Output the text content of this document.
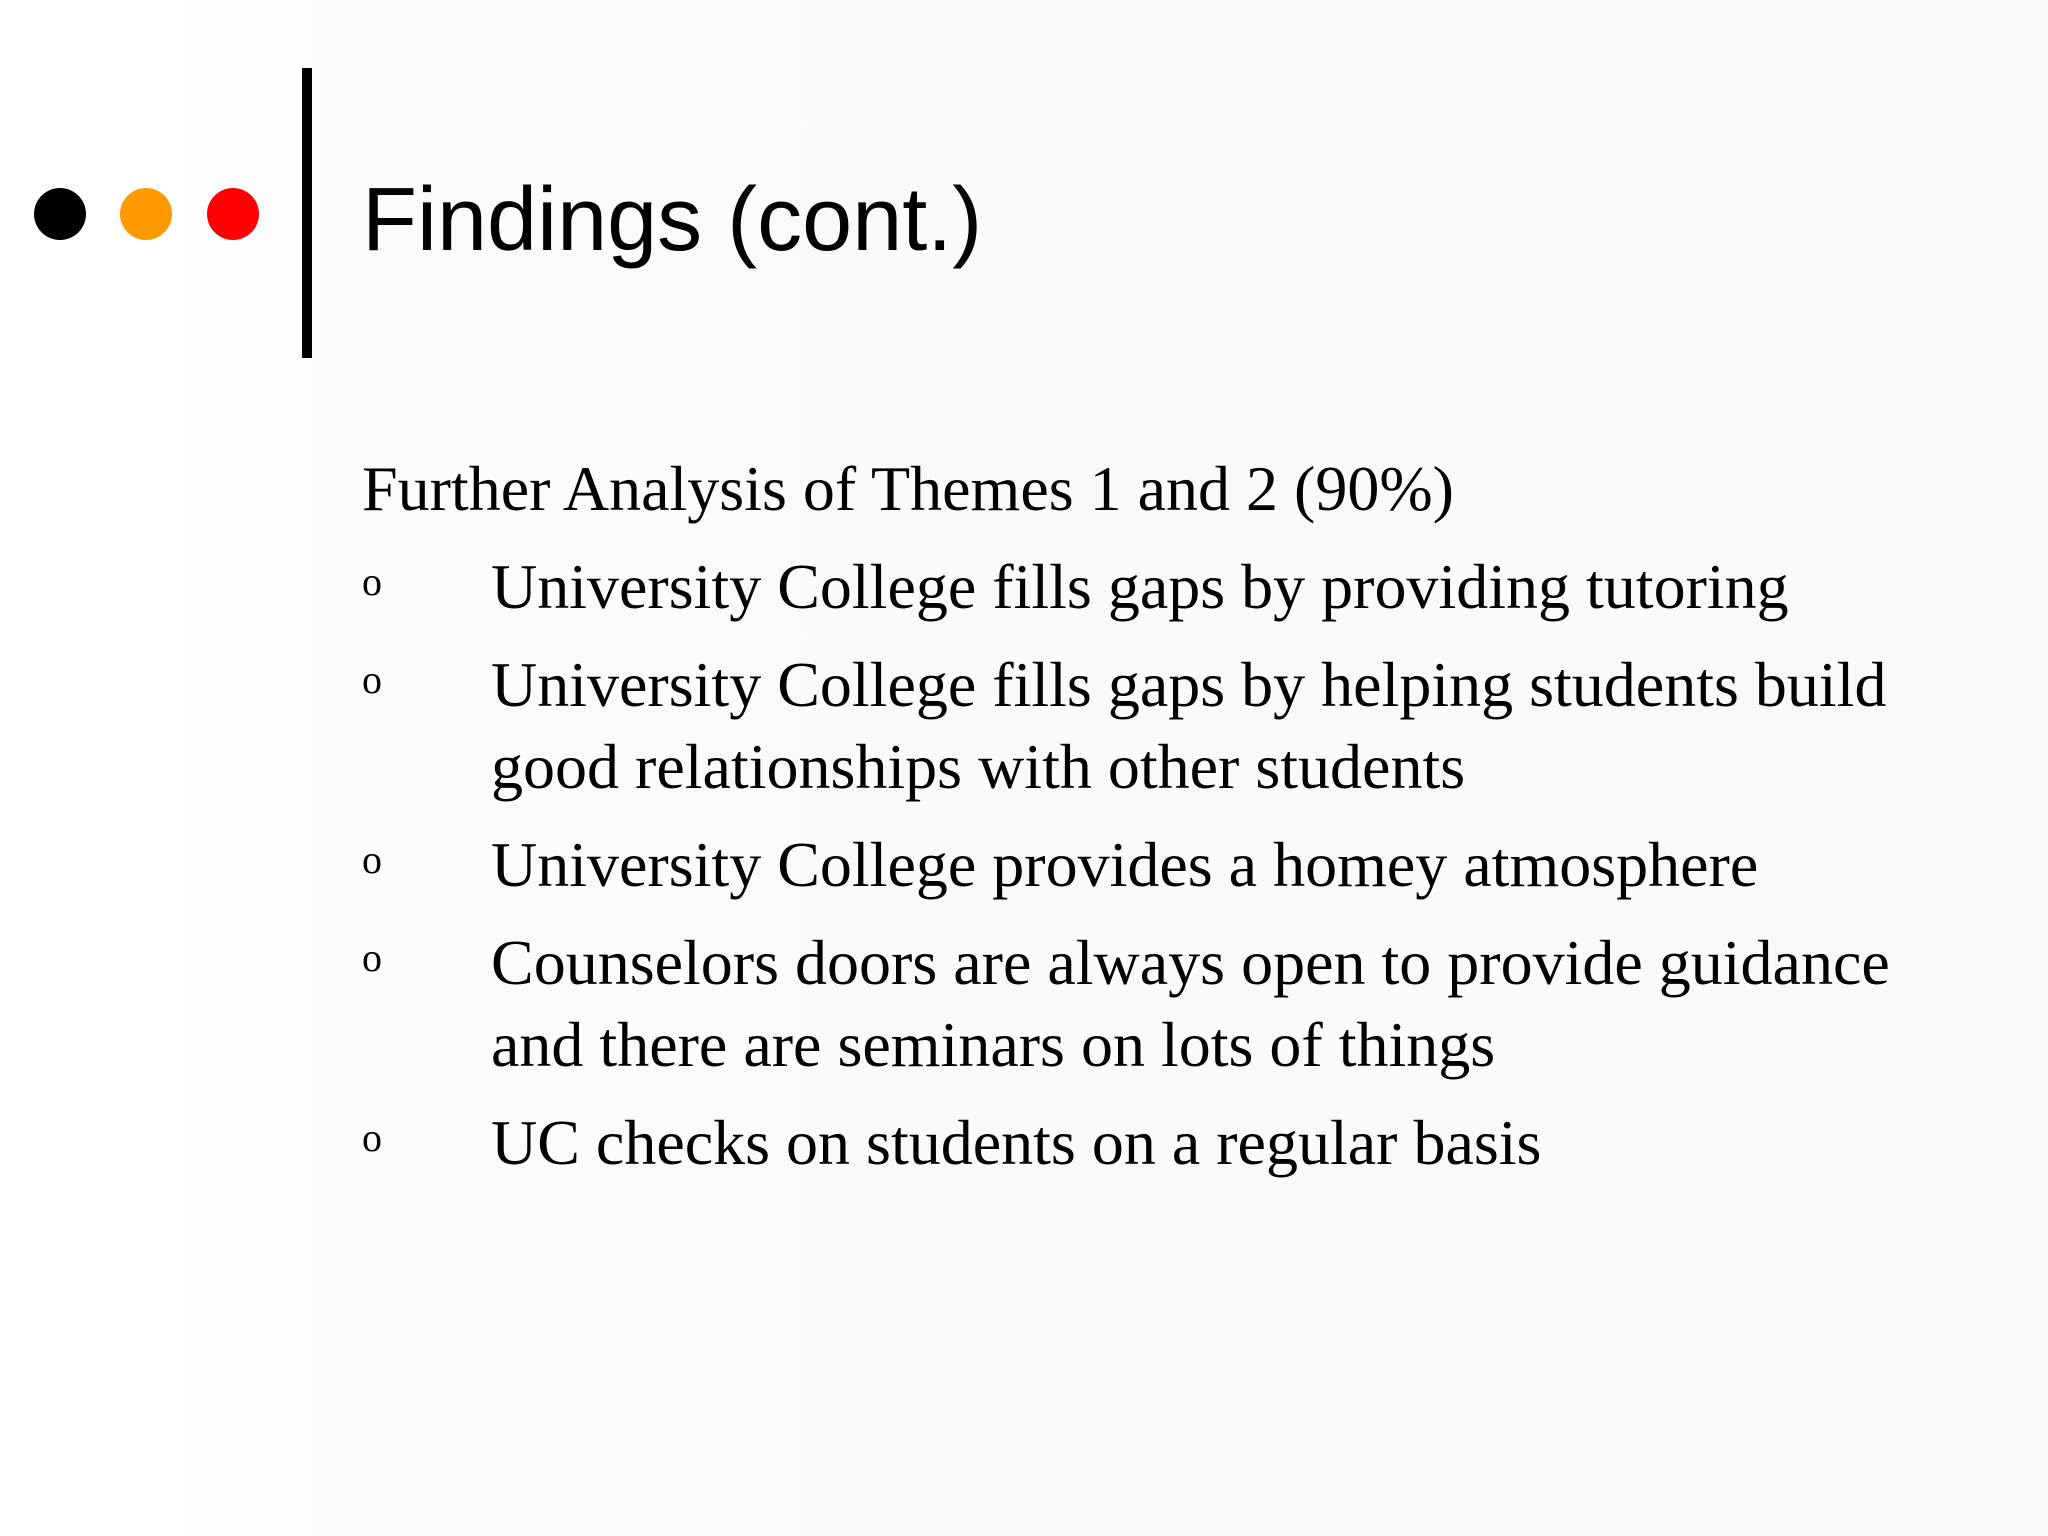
Findings (cont.)

Further Analysis of Themes 1 and 2 (90%)

o University College fills gaps by providing tutoring
o University College fills gaps by helping students build good relationships with other students
o University College provides a homey atmosphere
o Counselors doors are always open to provide guidance and there are seminars on lots of things
o UC checks on students on a regular basis
